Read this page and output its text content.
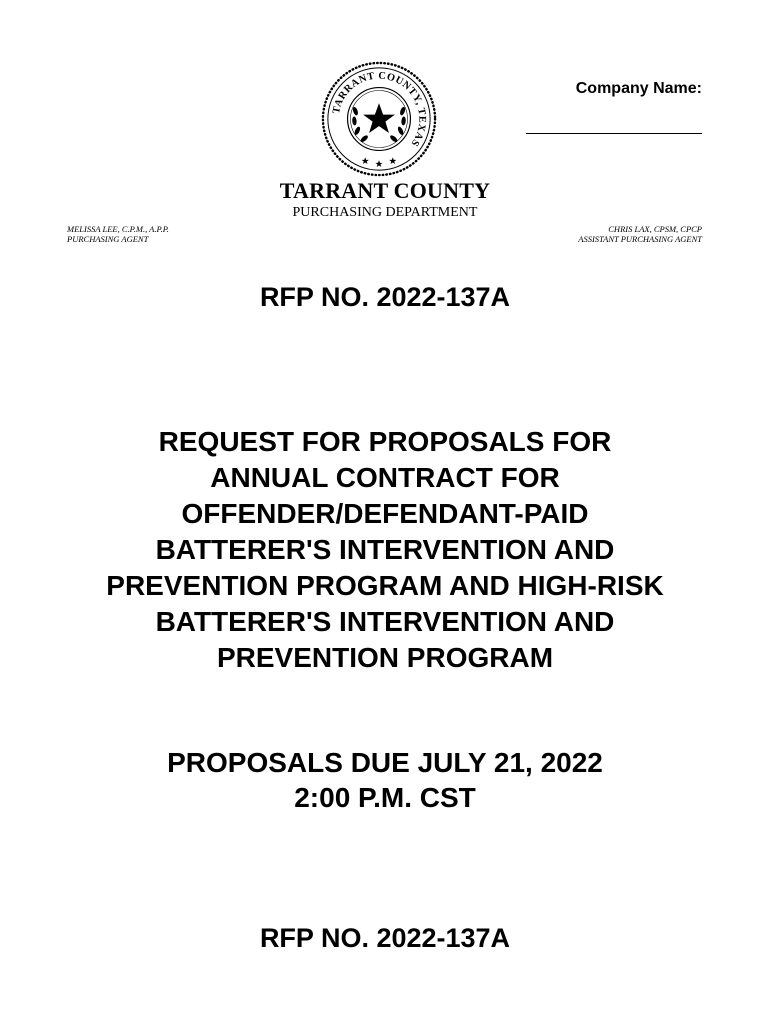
TARRANT COUNTY, TEXAS
Company Name:
TARRANT COUNTY
PURCHASING DEPARTMENT
MELISSA LEE, C.P.M., A.P.P.
PURCHASING AGENT
CHRIS LAX, CPSM, CPCP
ASSISTANT PURCHASING AGENT
RFP NO. 2022-137A
REQUEST FOR PROPOSALS FOR
ANNUAL CONTRACT FOR
OFFENDER/DEFENDANT-PAID
BATTERER'S INTERVENTION AND
PREVENTION PROGRAM AND HIGH-RISK
BATTERER'S INTERVENTION AND
PREVENTION PROGRAM
PROPOSALS DUE JULY 21, 2022
2:00 P.M. CST
RFP NO. 2022-137A
